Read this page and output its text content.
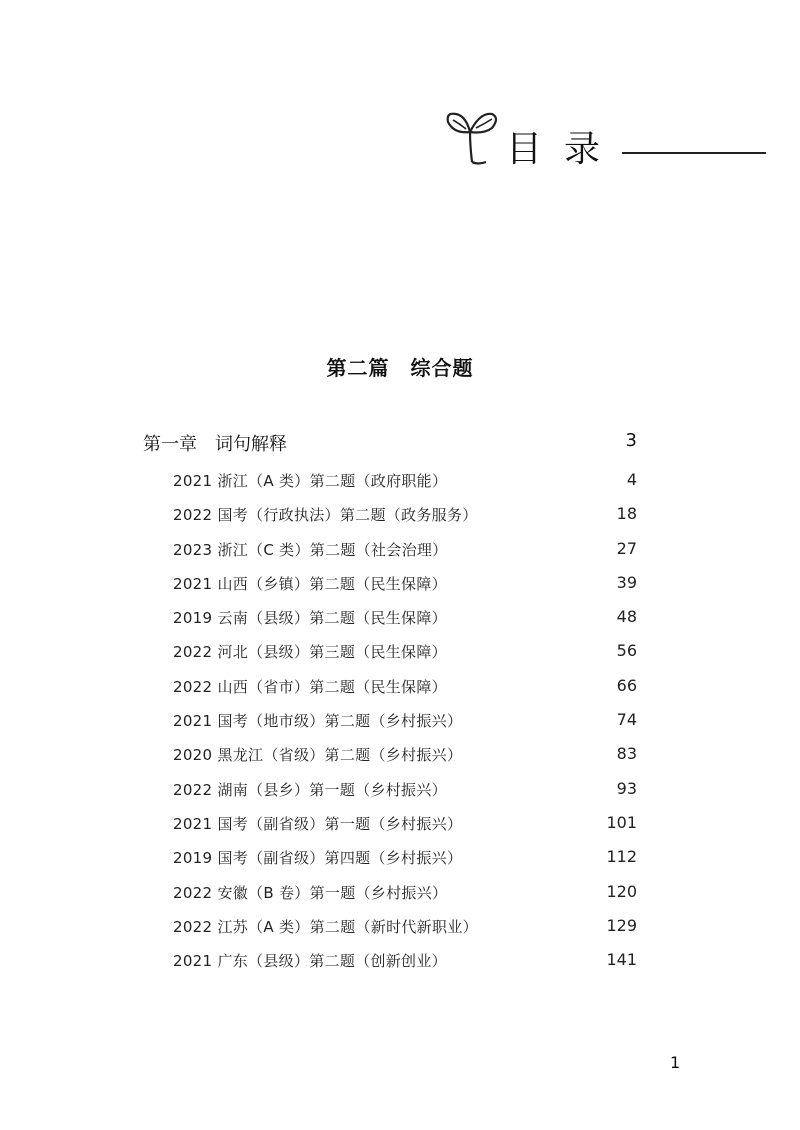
目录
第二篇　综合题
第一章　词句解释	3
2021 浙江（A 类）第二题（政府职能）	4
2022 国考（行政执法）第二题（政务服务）	18
2023 浙江（C 类）第二题（社会治理）	27
2021 山西（乡镇）第二题（民生保障）	39
2019 云南（县级）第二题（民生保障）	48
2022 河北（县级）第三题（民生保障）	56
2022 山西（省市）第二题（民生保障）	66
2021 国考（地市级）第二题（乡村振兴）	74
2020 黑龙江（省级）第二题（乡村振兴）	83
2022 湖南（县乡）第一题（乡村振兴）	93
2021 国考（副省级）第一题（乡村振兴）	101
2019 国考（副省级）第四题（乡村振兴）	112
2022 安徽（B 卷）第一题（乡村振兴）	120
2022 江苏（A 类）第二题（新时代新职业）	129
2021 广东（县级）第二题（创新创业）	141
1
